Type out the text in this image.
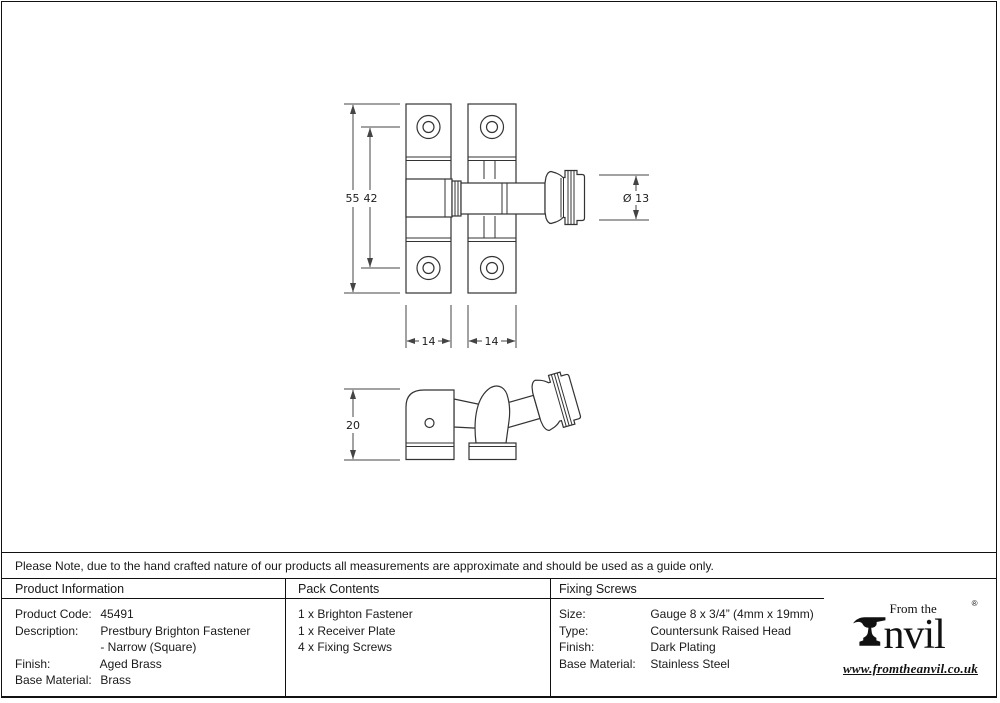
55 42	Ø 13
14	14
20
Please Note, due to the hand crafted nature of our products all measurements are approximate and should be used as a guide only.
Product Information
Product Code: 45491
Description: Prestbury Brighton Fastener
- Narrow (Square)
Finish:	Aged Brass
Base Material: Brass
Pack Contents
1 x Brighton Fastener
1 x Receiver Plate
4 x Fixing Screws
Fixing Screws
Size:	Gauge 8 x 3/4” (4mm x 19mm)
Type:	Countersunk Raised Head
Finish:	Dark Plating
Base Material: Stainless Steel
From the
nvil
®
www.fromtheanvil.co.uk
